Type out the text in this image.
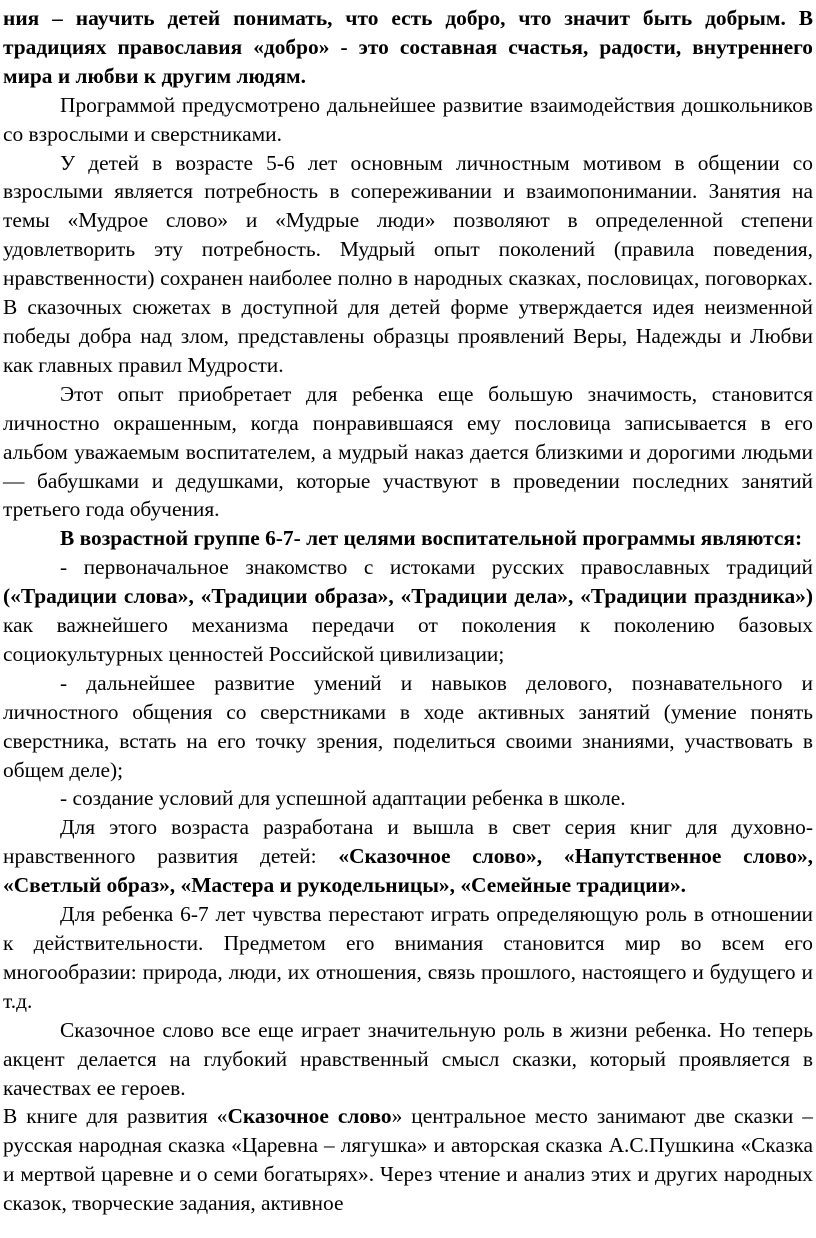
ния – научить детей понимать, что есть добро, что значит быть добрым. В традициях православия «добро» - это составная счастья, радости, внутреннего мира и любви к другим людям.

Программой предусмотрено дальнейшее развитие взаимодействия дошкольников со взрослыми и сверстниками.

У детей в возрасте 5-6 лет основным личностным мотивом в общении со взрослыми является потребность в сопереживании и взаимопонимании. Занятия на темы «Мудрое слово» и «Мудрые люди» позволяют в определенной степени удовлетворить эту потребность. Мудрый опыт поколений (правила поведения, нравственности) сохранен наиболее полно в народных сказках, пословицах, поговорках. В сказочных сюжетах в доступной для детей форме утверждается идея неизменной победы добра над злом, представлены образцы проявлений Веры, Надежды и Любви как главных правил Мудрости.

Этот опыт приобретает для ребенка еще большую значимость, становится личностно окрашенным, когда понравившаяся ему пословица записывается в его альбом уважаемым воспитателем, а мудрый наказ дается близкими и дорогими людьми — бабушками и дедушками, которые участвуют в проведении последних занятий третьего года обучения.

В возрастной группе 6-7- лет целями воспитательной программы являются:

- первоначальное знакомство с истоками русских православных традиций («Традиции слова», «Традиции образа», «Традиции дела», «Традиции праздника») как важнейшего механизма передачи от поколения к поколению базовых социокультурных ценностей Российской цивилизации;

- дальнейшее развитие умений и навыков делового, познавательного и личностного общения со сверстниками в ходе активных занятий (умение понять сверстника, встать на его точку зрения, поделиться своими знаниями, участвовать в общем деле);

- создание условий для успешной адаптации ребенка в школе.

Для этого возраста разработана и вышла в свет серия книг для духовно-нравственного развития детей: «Сказочное слово», «Напутственное слово», «Светлый образ», «Мастера и рукодельницы», «Семейные традиции».

Для ребенка 6-7 лет чувства перестают играть определяющую роль в отношении к действительности. Предметом его внимания становится мир во всем его многообразии: природа, люди, их отношения, связь прошлого, настоящего и будущего и т.д.

Сказочное слово все еще играет значительную роль в жизни ребенка. Но теперь акцент делается на глубокий нравственный смысл сказки, который проявляется в качествах ее героев.

В книге для развития «Сказочное слово» центральное место занимают две сказки – русская народная сказка «Царевна – лягушка» и авторская сказка А.С.Пушкина «Сказка и мертвой царевне и о семи богатырях». Через чтение и анализ этих и других народных сказок, творческие задания, активное
